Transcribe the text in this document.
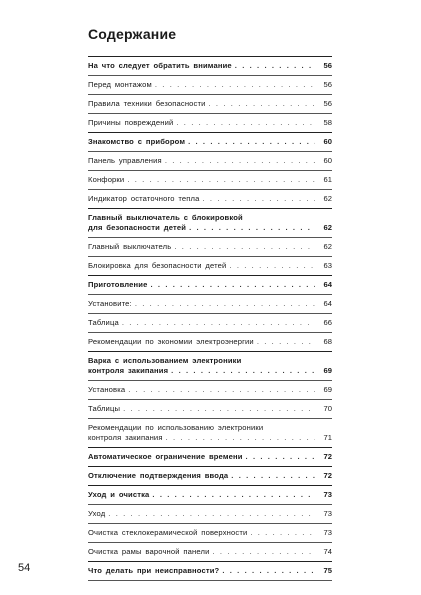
Содержание
На что следует обратить внимание . . .	56
Перед монтажом . . .	56
Правила техники безопасности . . .	56
Причины повреждений . . .	58
Знакомство с прибором . . .	60
Панель управления . . .	60
Конфорки . . .	61
Индикатор остаточного тепла . . .	62
Главный выключатель с блокировкой
для безопасности детей . . .	62
Главный выключатель . . .	62
Блокировка для безопасности детей . . .	63
Приготовление . . .	64
Установите: . . .	64
Таблица . . .	66
Рекомендации по экономии электроэнергии . . .	68
Варка с использованием электроники
контроля закипания . . .	69
Установка . . .	69
Таблицы . . .	70
Рекомендации по использованию электроники
контроля закипания . . .	71
Автоматическое ограничение времени . . .	72
Отключение подтверждения ввода . . .	72
Уход и очистка . . .	73
Уход . . .	73
Очистка стеклокерамической поверхности . . .	73
Очистка рамы варочной панели . . .	74
Что делать при неисправности? . . .	75
54
